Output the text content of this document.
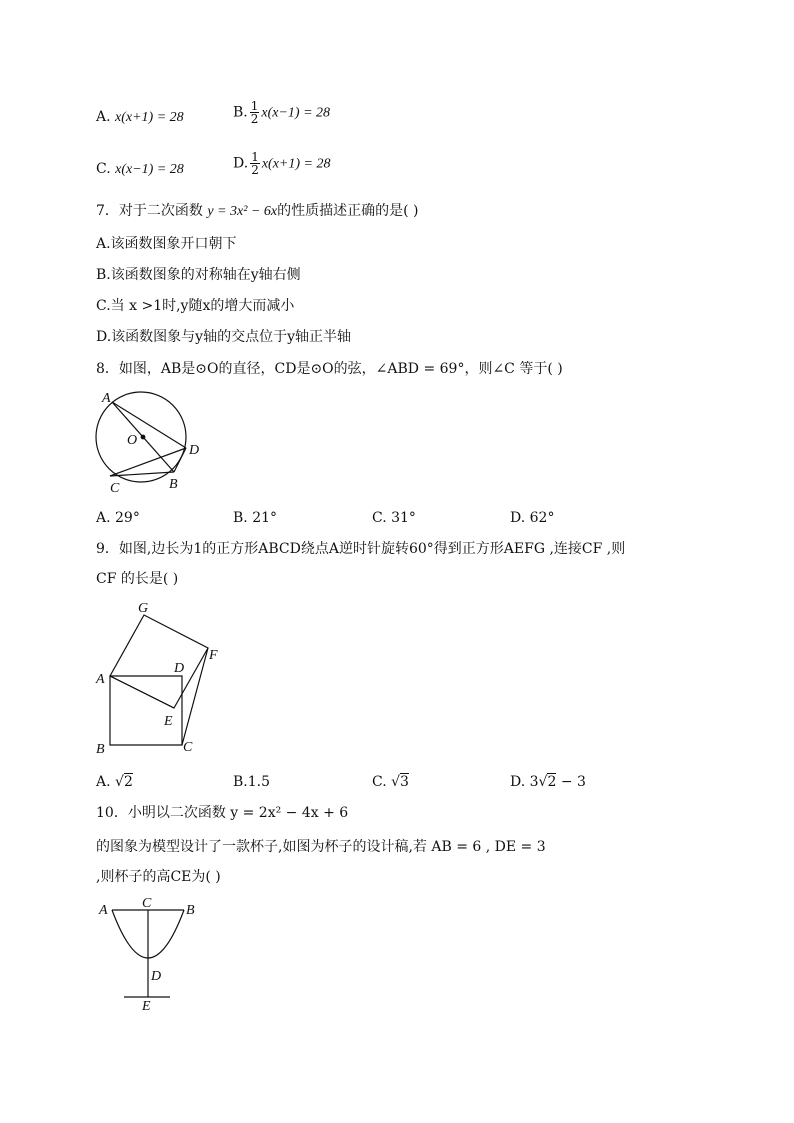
A. x(x+1) = 28	B. $\frac{1}{2} x(x-1) = 28$
C. x(x−1) = 28	D. $\frac{1}{2} x(x+1) = 28$
7．对于二次函数 y = 3x² − 6x的性质描述正确的是( )
A.该函数图象开口朝下
B.该函数图象的对称轴在y轴右侧
C.当 x >1时,y随x的增大而减小
D.该函数图象与y轴的交点位于y轴正半轴
8．如图，AB是⊙O的直径，CD是⊙O的弦，∠ABD = 69°，则∠C 等于( )
A
O
D
C	B
A. 29°	B. 21°	C. 31°	D. 62°
9．如图,边长为1的正方形ABCD绕点A逆时针旋转60°得到正方形AEFG ,连接CF ,则
CF 的长是( )
G
F
D
A
E
B	C
A. √2	B.1.5	C. √3	D. 3√2 − 3
10．小明以二次函数 y = 2x² − 4x + 6
的图象为模型设计了一款杯子,如图为杯子的设计稿,若 AB = 6 , DE = 3
,则杯子的高CE为( )
A C B
D
E
